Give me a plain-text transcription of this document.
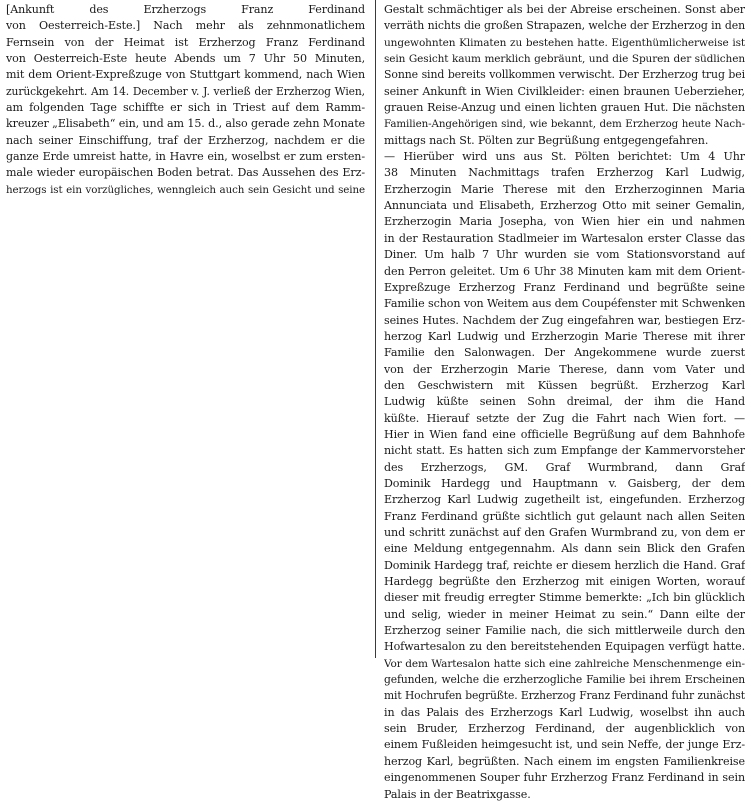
[Ankunft des Erzherzogs Franz Ferdinand
von Oesterreich-Este.] Nach mehr als zehnmonatlichem
Fernsein von der Heimat ist Erzherzog Franz Ferdinand
von Oesterreich-Este heute Abends um 7 Uhr 50 Minuten,
mit dem Orient-Expreßzuge von Stuttgart kommend, nach Wien
zurückgekehrt. Am 14. December v. J. verließ der Erzherzog Wien,
am folgenden Tage schiffte er sich in Triest auf dem Ramm-
kreuzer „Elisabeth“ ein, und am 15. d., also gerade zehn Monate
nach seiner Einschiffung, traf der Erzherzog, nachdem er die
ganze Erde umreist hatte, in Havre ein, woselbst er zum ersten-
male wieder europäischen Boden betrat. Das Aussehen des Erz-
herzogs ist ein vorzügliches, wenngleich auch sein Gesicht und seine
Gestalt schmächtiger als bei der Abreise erscheinen. Sonst aber
verräth nichts die großen Strapazen, welche der Erzherzog in den
ungewohnten Klimaten zu bestehen hatte. Eigenthümlicherweise ist
sein Gesicht kaum merklich gebräunt, und die Spuren der südlichen
Sonne sind bereits vollkommen verwischt. Der Erzherzog trug bei
seiner Ankunft in Wien Civilkleider: einen braunen Ueberzieher,
grauen Reise-Anzug und einen lichten grauen Hut. Die nächsten
Familien-Angehörigen sind, wie bekannt, dem Erzherzog heute Nach-
mittags nach St. Pölten zur Begrüßung entgegengefahren.
— Hierüber wird uns aus St. Pölten berichtet: Um 4 Uhr
38 Minuten Nachmittags trafen Erzherzog Karl Ludwig,
Erzherzogin Marie Therese mit den Erzherzoginnen Maria
Annunciata und Elisabeth, Erzherzog Otto mit seiner Gemalin,
Erzherzogin Maria Josepha, von Wien hier ein und nahmen
in der Restauration Stadlmeier im Wartesalon erster Classe das
Diner. Um halb 7 Uhr wurden sie vom Stationsvorstand auf
den Perron geleitet. Um 6 Uhr 38 Minuten kam mit dem Orient-
Expreßzuge Erzherzog Franz Ferdinand und begrüßte seine
Familie schon von Weitem aus dem Coupéfenster mit Schwenken
seines Hutes. Nachdem der Zug eingefahren war, bestiegen Erz-
herzog Karl Ludwig und Erzherzogin Marie Therese mit ihrer
Familie den Salonwagen. Der Angekommene wurde zuerst
von der Erzherzogin Marie Therese, dann vom Vater und
den Geschwistern mit Küssen begrüßt. Erzherzog Karl
Ludwig küßte seinen Sohn dreimal, der ihm die Hand
küßte. Hierauf setzte der Zug die Fahrt nach Wien fort. —
Hier in Wien fand eine officielle Begrüßung auf dem Bahnhofe
nicht statt. Es hatten sich zum Empfange der Kammervorsteher
des Erzherzogs, GM. Graf Wurmbrand, dann Graf
Dominik Hardegg und Hauptmann v. Gaisberg, der dem
Erzherzog Karl Ludwig zugetheilt ist, eingefunden. Erzherzog
Franz Ferdinand grüßte sichtlich gut gelaunt nach allen Seiten
und schritt zunächst auf den Grafen Wurmbrand zu, von dem er
eine Meldung entgegennahm. Als dann sein Blick den Grafen
Dominik Hardegg traf, reichte er diesem herzlich die Hand. Graf
Hardegg begrüßte den Erzherzog mit einigen Worten, worauf
dieser mit freudig erregter Stimme bemerkte: „Ich bin glücklich
und selig, wieder in meiner Heimat zu sein.“ Dann eilte der
Erzherzog seiner Familie nach, die sich mittlerweile durch den
Hofwartesalon zu den bereitstehenden Equipagen verfügt hatte.
Vor dem Wartesalon hatte sich eine zahlreiche Menschenmenge ein-
gefunden, welche die erzherzogliche Familie bei ihrem Erscheinen
mit Hochrufen begrüßte. Erzherzog Franz Ferdinand fuhr zunächst
in das Palais des Erzherzogs Karl Ludwig, woselbst ihn auch
sein Bruder, Erzherzog Ferdinand, der augenblicklich von
einem Fußleiden heimgesucht ist, und sein Neffe, der junge Erz-
herzog Karl, begrüßten. Nach einem im engsten Familienkreise
eingenommenen Souper fuhr Erzherzog Franz Ferdinand in sein
Palais in der Beatrixgasse.
